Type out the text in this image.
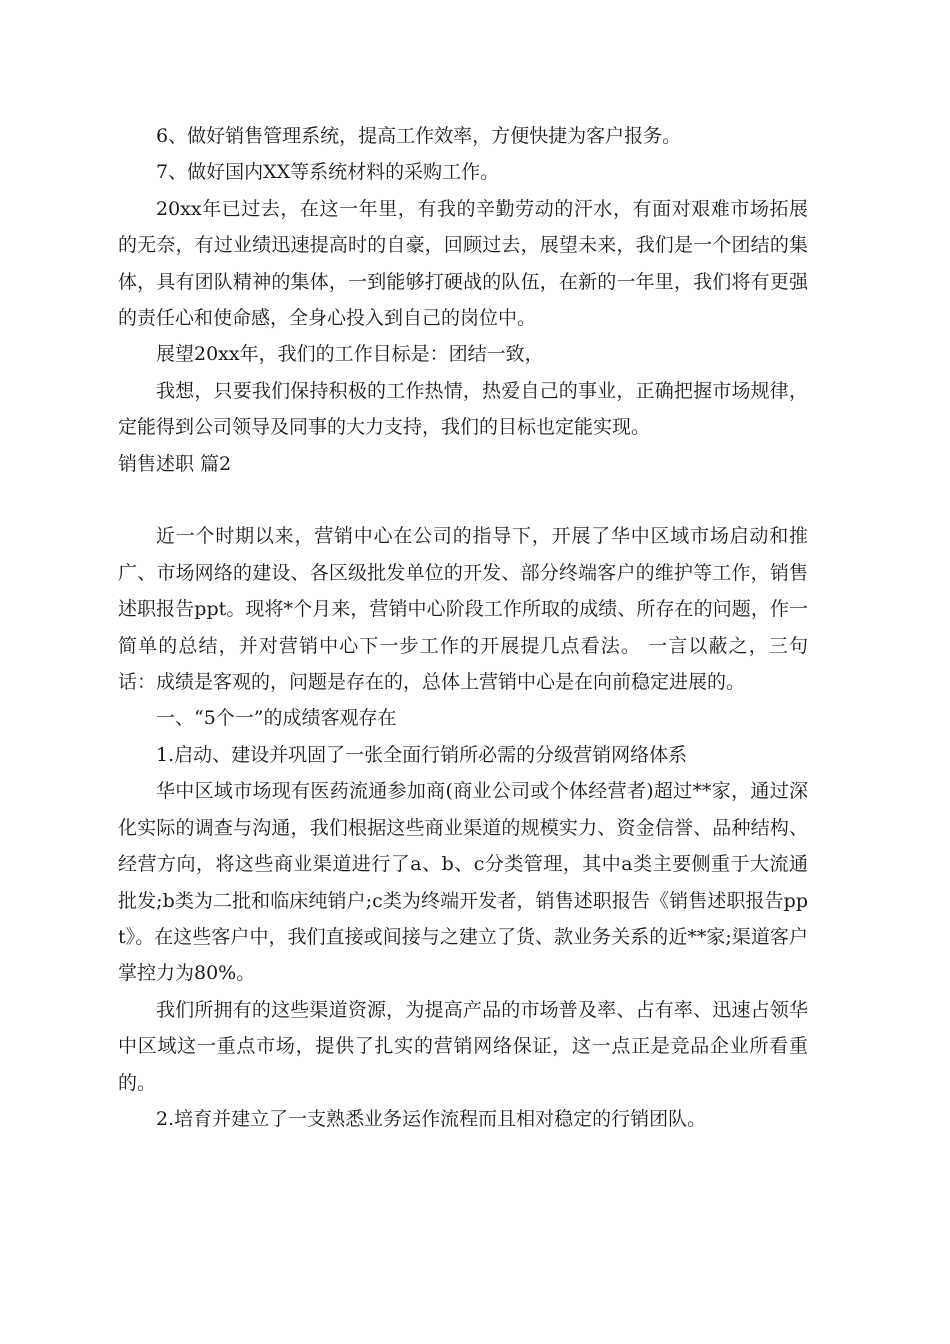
6、做好销售管理系统，提高工作效率，方便快捷为客户报务。

7、做好国内XX等系统材料的采购工作。

20xx年已过去，在这一年里，有我的辛勤劳动的汗水，有面对艰难市场拓展的无奈，有过业绩迅速提高时的自豪，回顾过去，展望未来，我们是一个团结的集体，具有团队精神的集体，一到能够打硬战的队伍，在新的一年里，我们将有更强的责任心和使命感，全身心投入到自己的岗位中。

展望20xx年，我们的工作目标是：团结一致，

我想，只要我们保持积极的工作热情，热爱自己的事业，正确把握市场规律，定能得到公司领导及同事的大力支持，我们的目标也定能实现。

销售述职 篇2

近一个时期以来，营销中心在公司的指导下，开展了华中区域市场启动和推广、市场网络的建设、各区级批发单位的开发、部分终端客户的维护等工作，销售述职报告ppt。现将*个月来，营销中心阶段工作所取的成绩、所存在的问题，作一简单的总结，并对营销中心下一步工作的开展提几点看法。 一言以蔽之，三句话：成绩是客观的，问题是存在的，总体上营销中心是在向前稳定进展的。

一、“5个一”的成绩客观存在

1.启动、建设并巩固了一张全面行销所必需的分级营销网络体系

华中区域市场现有医药流通参加商(商业公司或个体经营者)超过**家，通过深化实际的调查与沟通，我们根据这些商业渠道的规模实力、资金信誉、品种结构、经营方向，将这些商业渠道进行了a、b、c分类管理，其中a类主要侧重于大流通批发;b类为二批和临床纯销户;c类为终端开发者，销售述职报告《销售述职报告ppt》。在这些客户中，我们直接或间接与之建立了货、款业务关系的近**家;渠道客户掌控力为80%。

我们所拥有的这些渠道资源，为提高产品的市场普及率、占有率、迅速占领华中区域这一重点市场，提供了扎实的营销网络保证，这一点正是竞品企业所看重的。

2.培育并建立了一支熟悉业务运作流程而且相对稳定的行销团队。
